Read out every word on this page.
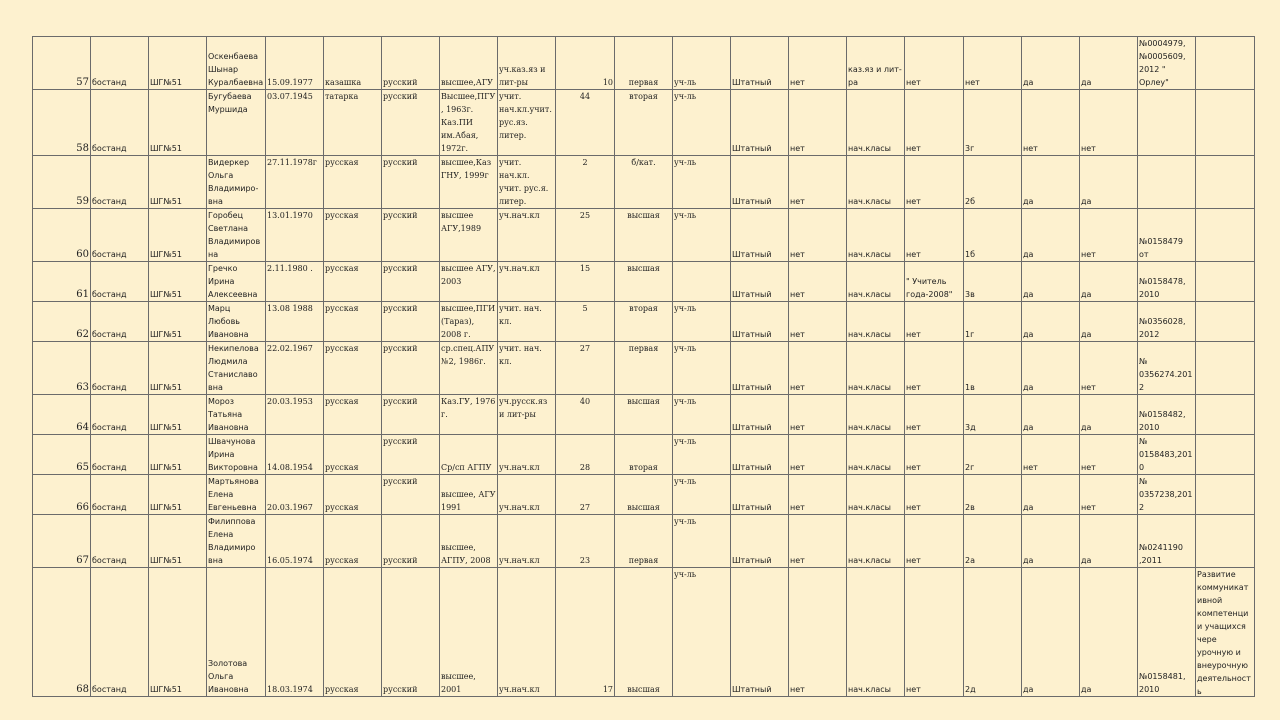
57	бостанд	ШГ№51	Оскенбаева Шынар Куралбаевна	15.09.1977	казашка	русский	высшее,АГУ	уч.каз.яз и лит-ры	10	первая	уч-ль	Штатный	нет	каз.яз и лит-ра	нет	нет	да	да	№0004979, №0005609, 2012 " Орлеу"	

58	бостанд	ШГ№51	Бугубаева Муршида	03.07.1945	татарка	русский	Высшее,ПГУ, 1963г. Каз.ПИ им.Абая, 1972г.	учит. нач.кл.учит. рус.яз. литер.	44	вторая	уч-ль	Штатный	нет	нач.класы	нет	3г	нет	нет		

59	бостанд	ШГ№51	Видеркер Ольга Владимиро-вна	27.11.1978г	русская	русский	высшее,КазГНУ, 1999г	учит. нач.кл. учит. рус.я. литер.	2	б/кат.	уч-ль	Штатный	нет	нач.класы	нет	2б	да	да		

60	бостанд	ШГ№51	Горобец Светлана Владимировна	13.01.1970	русская	русский	высшее АГУ,1989	уч.нач.кл	25	высшая	уч-ль	Штатный	нет	нач.класы	нет	1б	да	нет	№0158479 от	

61	бостанд	ШГ№51	Гречко Ирина Алексеевна	2.11.1980 .	русская	русский	высшее АГУ, 2003	уч.нач.кл	15	высшая		Штатный	нет	нач.класы	" Учитель года-2008"	3в	да	да	№0158478, 2010	

62	бостанд	ШГ№51	Марц Любовь Ивановна	13.08 1988	русская	русский	высшее,ПГИ (Тараз), 2008 г.	учит. нач. кл.	5	вторая	уч-ль	Штатный	нет	нач.класы	нет	1г	да	да	№0356028, 2012	

63	бостанд	ШГ№51	Некипелова Людмила Станиславо вна	22.02.1967	русская	русский	ср.спец.АПУ №2, 1986г.	учит. нач. кл.	27	первая	уч-ль	Штатный	нет	нач.класы	нет	1в	да	нет	№ 0356274.2012	

64	бостанд	ШГ№51	Мороз Татьяна Ивановна	20.03.1953	русская	русский	Каз.ГУ, 1976 г.	уч.русск.яз и лит-ры	40	высшая	уч-ль	Штатный	нет	нач.класы	нет	3д	да	да	№0158482, 2010	

65	бостанд	ШГ№51	Швачунова Ирина Викторовна	14.08.1954	русская	русский	Ср/сп АГПУ	уч.нач.кл	28	вторая	уч-ль	Штатный	нет	нач.класы	нет	2г	нет	нет	№ 0158483,2010	

66	бостанд	ШГ№51	Мартьянова Елена Евгеньевна	20.03.1967	русская	русский	высшее, АГУ 1991	уч.нач.кл	27	высшая	уч-ль	Штатный	нет	нач.класы	нет	2в	да	нет	№ 0357238,2012	

67	бостанд	ШГ№51	Филиппова Елена Владимиро вна	16.05.1974	русская	русский	высшее, АГПУ, 2008	уч.нач.кл	23	первая	уч-ль	Штатный	нет	нач.класы	нет	2а	да	да	№0241190 ,2011	

68	бостанд	ШГ№51	Золотова Ольга Ивановна	18.03.1974	русская	русский	высшее, 2001	уч.нач.кл	17	высшая	уч-ль	Штатный	нет	нач.класы	нет	2д	да	да	№0158481, 2010	Развитие коммуникативной компетенции учащихся чере урочную и внеурочную деятельность
